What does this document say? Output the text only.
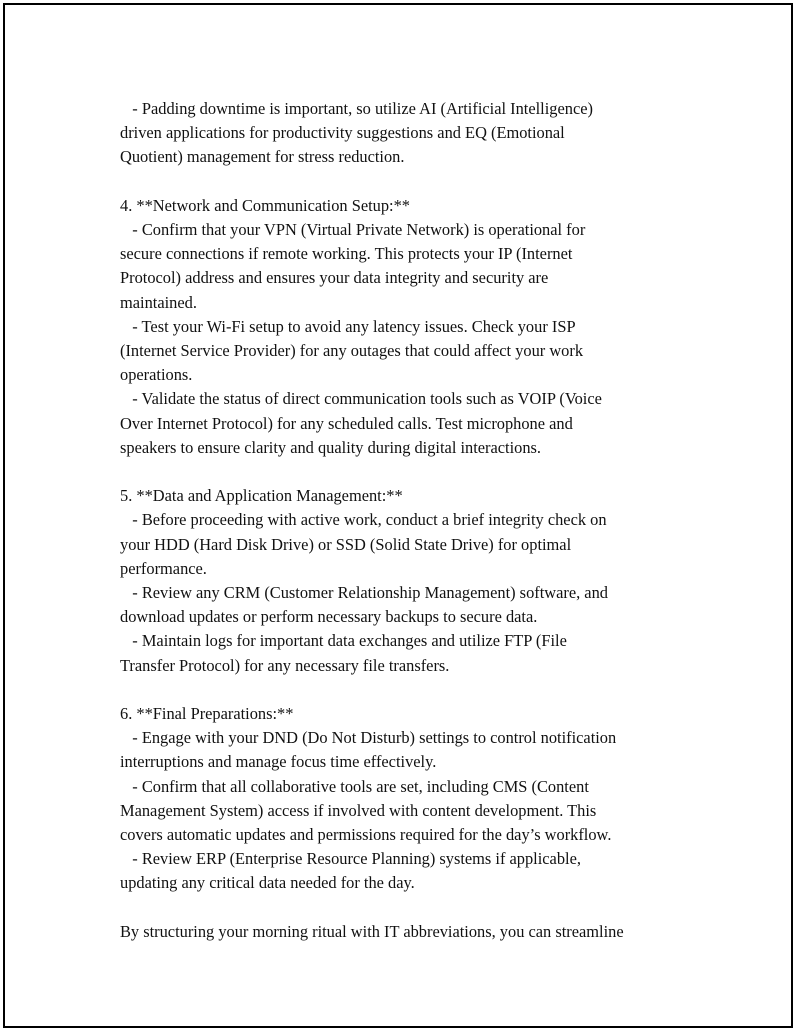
- Padding downtime is important, so utilize AI (Artificial Intelligence)
driven applications for productivity suggestions and EQ (Emotional
Quotient) management for stress reduction.
4. **Network and Communication Setup:**
- Confirm that your VPN (Virtual Private Network) is operational for
secure connections if remote working. This protects your IP (Internet
Protocol) address and ensures your data integrity and security are
maintained.
- Test your Wi-Fi setup to avoid any latency issues. Check your ISP
(Internet Service Provider) for any outages that could affect your work
operations.
- Validate the status of direct communication tools such as VOIP (Voice
Over Internet Protocol) for any scheduled calls. Test microphone and
speakers to ensure clarity and quality during digital interactions.
5. **Data and Application Management:**
- Before proceeding with active work, conduct a brief integrity check on
your HDD (Hard Disk Drive) or SSD (Solid State Drive) for optimal
performance.
- Review any CRM (Customer Relationship Management) software, and
download updates or perform necessary backups to secure data.
- Maintain logs for important data exchanges and utilize FTP (File
Transfer Protocol) for any necessary file transfers.
6. **Final Preparations:**
- Engage with your DND (Do Not Disturb) settings to control notification
interruptions and manage focus time effectively.
- Confirm that all collaborative tools are set, including CMS (Content
Management System) access if involved with content development. This
covers automatic updates and permissions required for the day’s workflow.
- Review ERP (Enterprise Resource Planning) systems if applicable,
updating any critical data needed for the day.
By structuring your morning ritual with IT abbreviations, you can streamline
